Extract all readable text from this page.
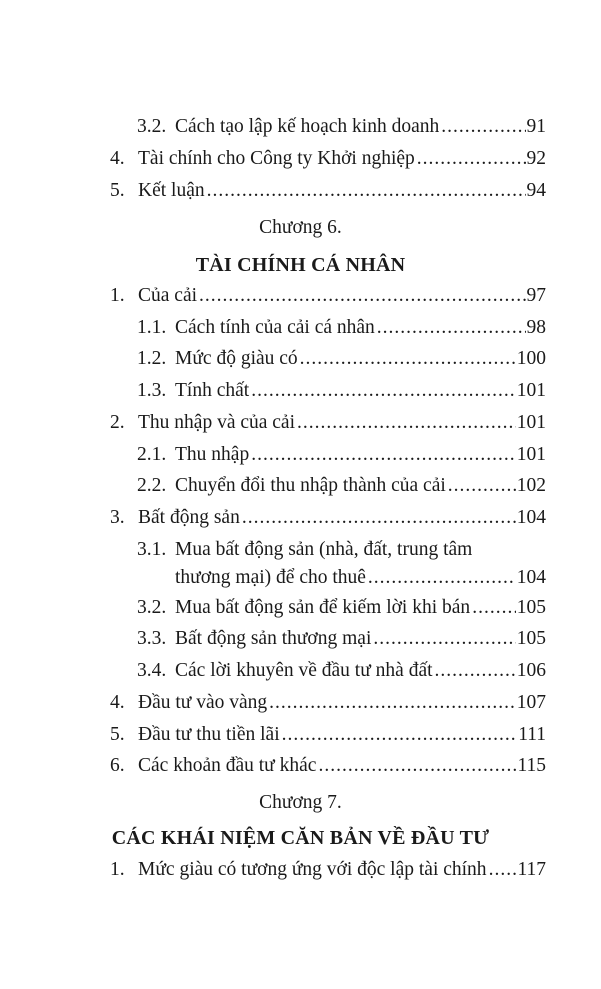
3.2. Cách tạo lập kế hoạch kinh doanh .....	91
4. Tài chính cho Công ty Khởi nghiệp .....	92
5. Kết luận .....	94
Chương 6.
TÀI CHÍNH CÁ NHÂN
1. Của cải .....	97
1.1. Cách tính của cải cá nhân .....	98
1.2. Mức độ giàu có .....	100
1.3. Tính chất .....	101
2. Thu nhập và của cải .....	101
2.1. Thu nhập .....	101
2.2. Chuyển đổi thu nhập thành của cải .....	102
3. Bất động sản .....	104
3.1. Mua bất động sản (nhà, đất, trung tâm
thương mại) để cho thuê .....	104
3.2. Mua bất động sản để kiếm lời khi bán ..... 105
3.3. Bất động sản thương mại .....	105
3.4. Các lời khuyên về đầu tư nhà đất .....	106
4. Đầu tư vào vàng .....	107
5. Đầu tư thu tiền lãi .....	111
6. Các khoản đầu tư khác .....	115
Chương 7.
CÁC KHÁI NIỆM CĂN BẢN VỀ ĐẦU TƯ
1. Mức giàu có tương ứng với độc lập tài chính ..... 117
